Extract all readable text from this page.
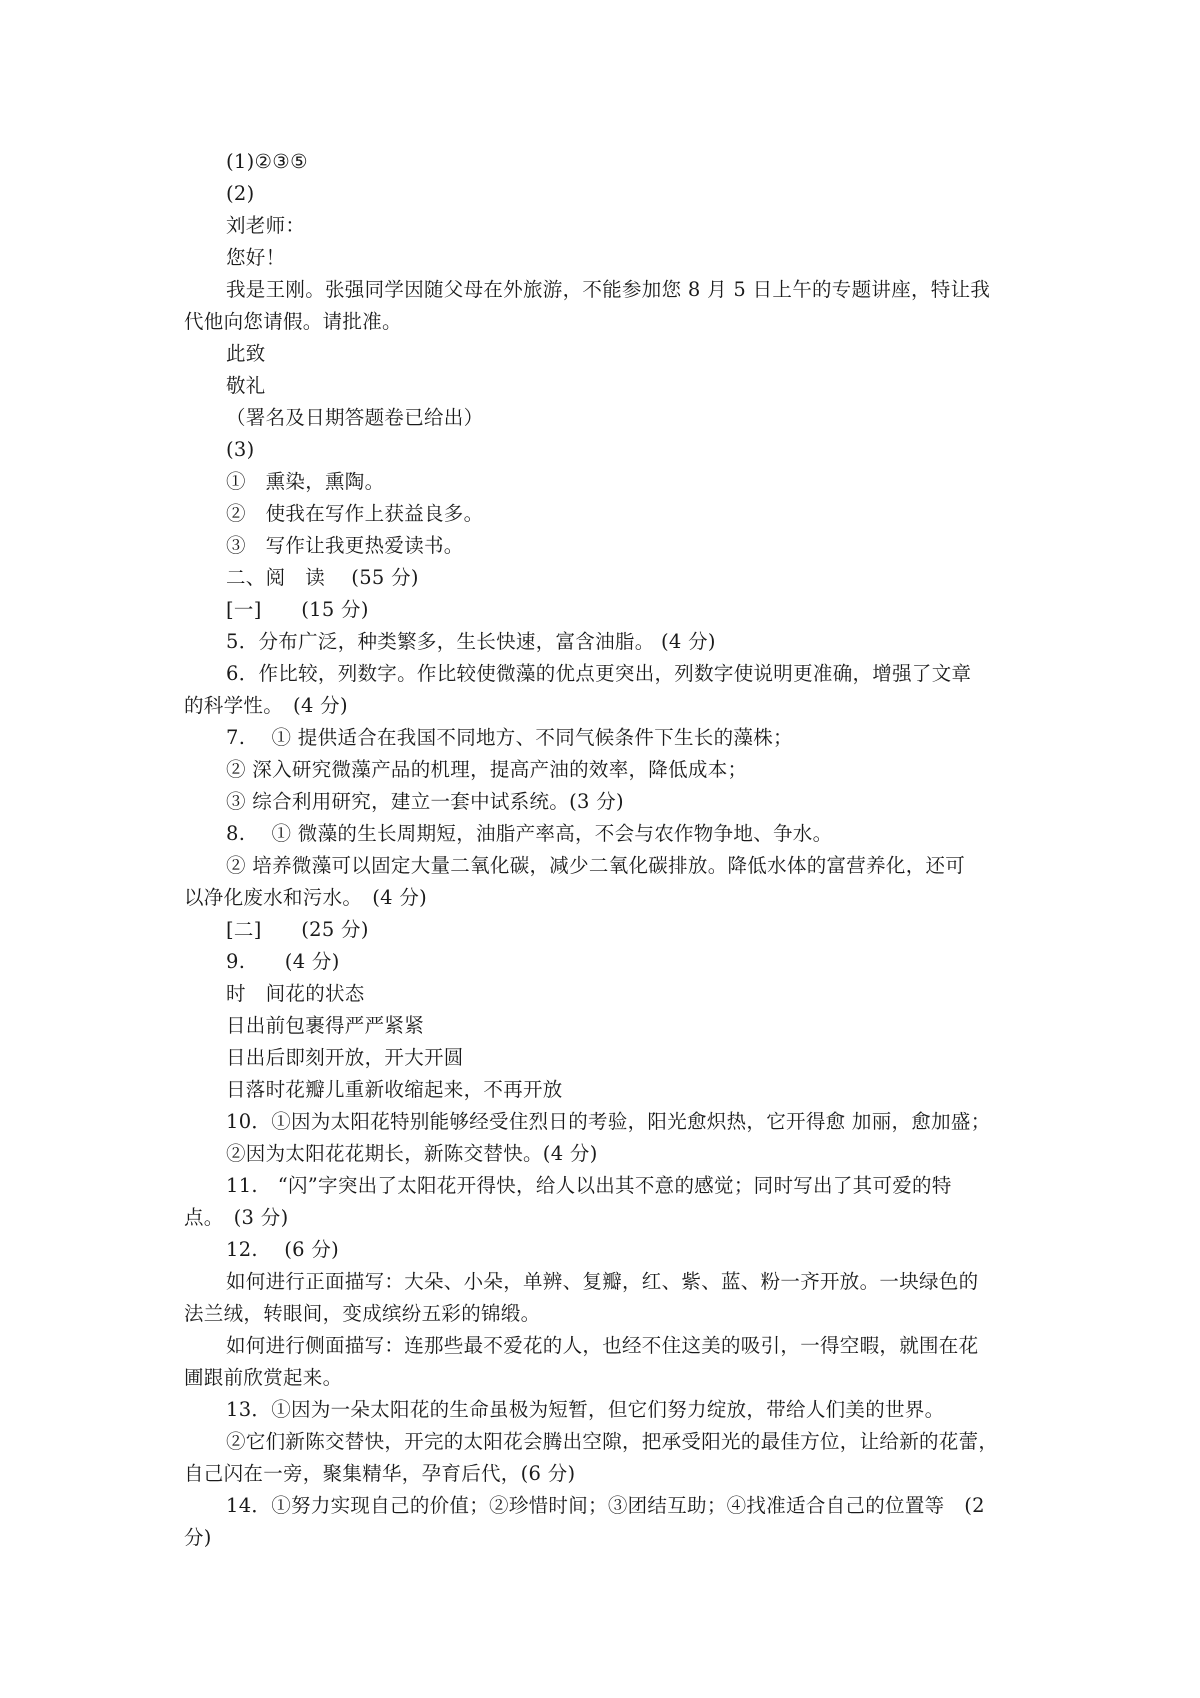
(1)②③⑤
(2)
刘老师：
您好！
我是王刚。张强同学因随父母在外旅游，不能参加您 8 月 5 日上午的专题讲座，特让我
代他向您请假。请批准。
此致
敬礼
（署名及日期答题卷已给出）
(3)
①　熏染，熏陶。
②　使我在写作上获益良多。
③　写作让我更热爱读书。
二、阅　读　 (55 分)
[一]　　(15 分)
5．分布广泛，种类繁多，生长快速，富含油脂。 (4 分)
6．作比较，列数字。作比较使微藻的优点更突出，列数字使说明更准确，增强了文章
的科学性。　(4 分)
7.　 ① 提供适合在我国不同地方、不同气候条件下生长的藻株；
② 深入研究微藻产品的机理，提高产油的效率，降低成本；
③ 综合利用研究，建立一套中试系统。(3 分)
8.　 ① 微藻的生长周期短，油脂产率高，不会与农作物争地、争水。
② 培养微藻可以固定大量二氧化碳，减少二氧化碳排放。降低水体的富营养化，还可
以净化废水和污水。　(4 分)
[二]　　(25 分)
9.　　(4 分)
时　间花的状态
日出前包裹得严严紧紧
日出后即刻开放，开大开圆
日落时花瓣儿重新收缩起来，不再开放
10．①因为太阳花特别能够经受住烈日的考验，阳光愈炽热，它开得愈 加丽，愈加盛；
②因为太阳花花期长，新陈交替快。(4 分)
11.　“闪”字突出了太阳花开得快，给人以出其不意的感觉；同时写出了其可爱的特
点。　(3 分)
12.　 (6 分)
如何进行正面描写：大朵、小朵，单辨、复瓣，红、紫、蓝、粉一齐开放。一块绿色的
法兰绒，转眼间，变成缤纷五彩的锦缎。
如何进行侧面描写：连那些最不爱花的人，也经不住这美的吸引，一得空暇，就围在花
圃跟前欣赏起来。
13．①因为一朵太阳花的生命虽极为短暂，但它们努力绽放，带给人们美的世界。
②它们新陈交替快，开完的太阳花会腾出空隙，把承受阳光的最佳方位，让给新的花蕾，
自己闪在一旁，聚集精华，孕育后代，(6 分)
14．①努力实现自己的价值；②珍惜时间；③团结互助；④找准适合自己的位置等　(2
分)
